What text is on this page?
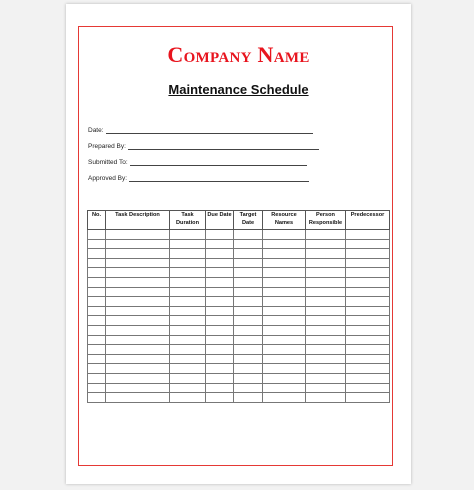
Company Name
Maintenance Schedule
Date:
Prepared By:
Submitted To:
Approved By:
No.	Task Description	Task Duration	Due Date	Target Date	Resource Names	Person Responsible	Predecessor
